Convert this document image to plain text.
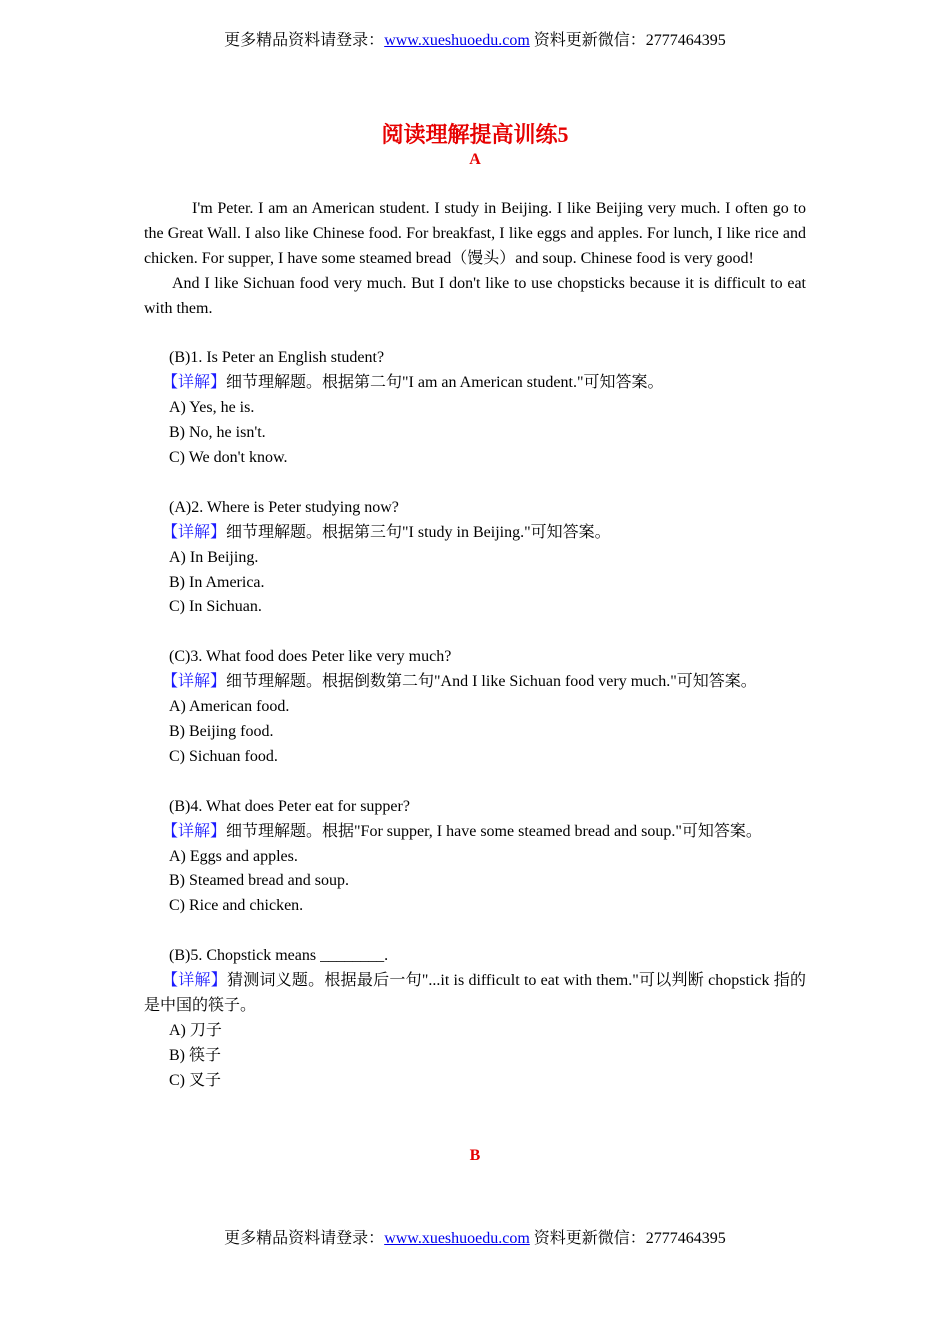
更多精品资料请登录：www.xueshuoedu.com 资料更新微信：2777464395
阅读理解提高训练5
A

I'm Peter. I am an American student. I study in Beijing. I like Beijing very much. I often go to the Great Wall. I also like Chinese food. For breakfast, I like eggs and apples. For lunch, I like rice and chicken. For supper, I have some steamed bread（馒头）and soup. Chinese food is very good!

And I like Sichuan food very much. But I don't like to use chopsticks because it is difficult to eat with them.

(B)1. Is Peter an English student?

【详解】细节理解题。根据第二句"I am an American student."可知答案。

A) Yes, he is.

B) No, he isn't.

C) We don't know.

(A)2. Where is Peter studying now?

【详解】细节理解题。根据第三句"I study in Beijing."可知答案。

A) In Beijing.

B) In America.

C) In Sichuan.

(C)3. What food does Peter like very much?

【详解】细节理解题。根据倒数第二句"And I like Sichuan food very much."可知答案。

A) American food.

B) Beijing food.

C) Sichuan food.

(B)4. What does Peter eat for supper?

【详解】细节理解题。根据"For supper, I have some steamed bread and soup."可知答案。

A) Eggs and apples.

B) Steamed bread and soup.

C) Rice and chicken.

(B)5. Chopstick means ________.

【详解】猜测词义题。根据最后一句"...it is difficult to eat with them."可以判断 chopstick 指的是中国的筷子。

A) 刀子

B) 筷子

C) 叉子

B
更多精品资料请登录：www.xueshuoedu.com 资料更新微信：2777464395
